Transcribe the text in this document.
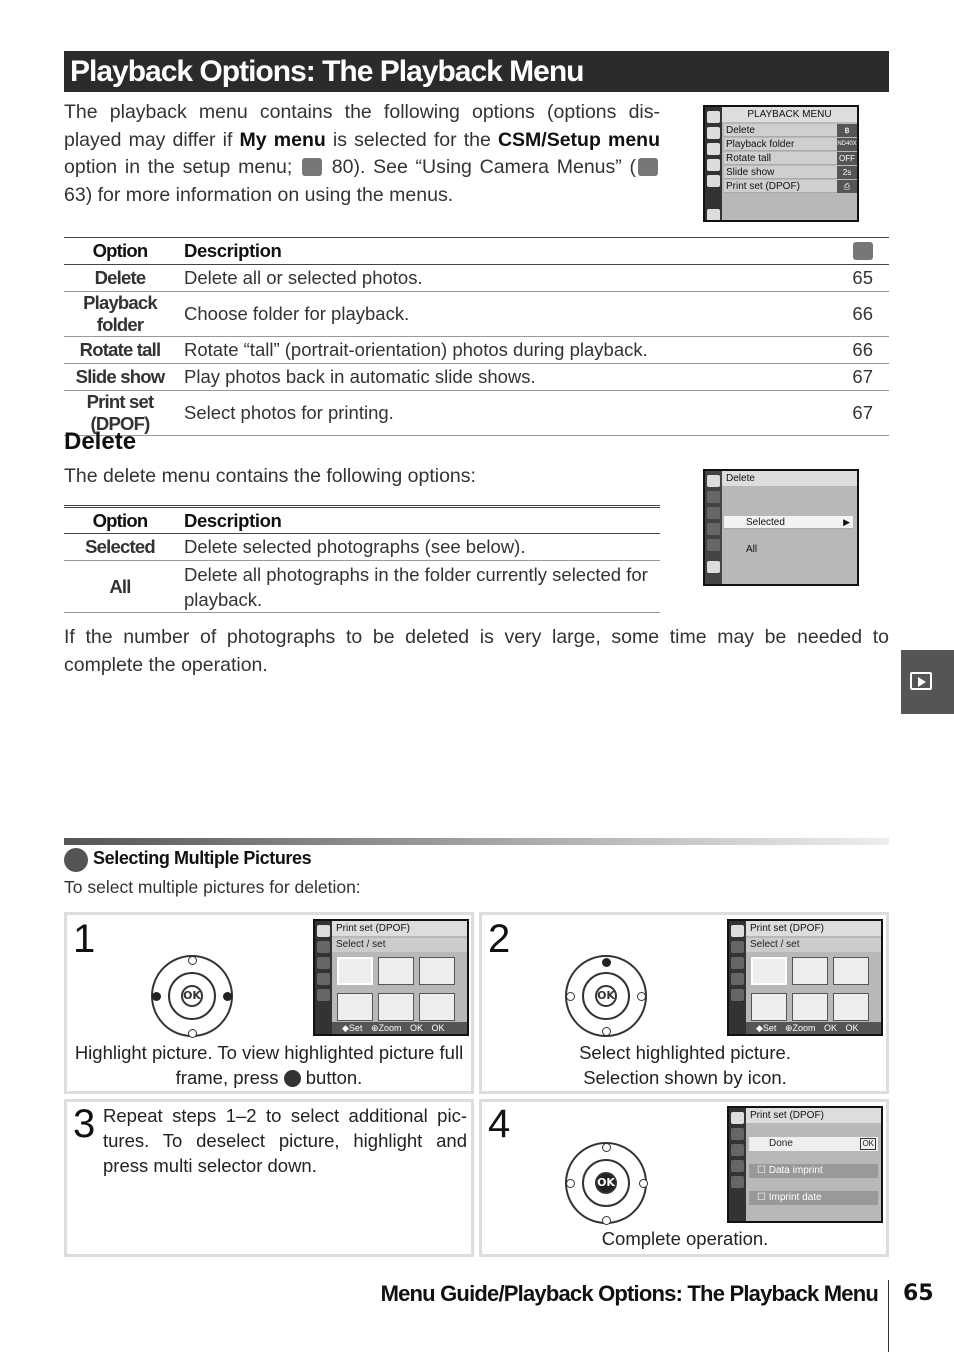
Playback Options: The Playback Menu
The playback menu contains the following options (options dis-played may differ if My menu is selected for the CSM/Setup menu option in the setup menu;  80). See “Using Camera Menus” ( 63) for more information on using the menus.
PLAYBACK MENU
Delete
Playback folder
Rotate tall
Slide show
Print set (DPOF)
฿
ND40X
OFF
2s
⎙
Option	Description	
Delete	Delete all or selected photos.	65
Playback folder	Choose folder for playback.	66
Rotate tall	Rotate “tall” (portrait-orientation) photos during playback.	66
Slide show	Play photos back in automatic slide shows.	67
Print set (DPOF)	Select photos for printing.	67
Delete
The delete menu contains the following options:
Option	Description
Selected	Delete selected photographs (see below).
All	Delete all photographs in the folder currently selected for playback.
Delete
Selected	▶
All
If the number of photographs to be deleted is very large, some time may be needed to complete the operation.
Selecting Multiple Pictures
To select multiple pictures for deletion:
1
OK
Print set (DPOF)
Select / set
◆Set ⊕Zoom OK OK
Highlight picture. To view highlighted picture full frame, press  button.
2
OK
Print set (DPOF)
Select / set
◆Set ⊕Zoom OK OK
Select highlighted picture. Selection shown by icon.
3 Repeat steps 1–2 to select additional pic-tures. To deselect picture, highlight and press multi selector down.
4
OK
Print set (DPOF)
Done	OK
☐ Data imprint
☐ Imprint date
Complete operation.
Menu Guide/Playback Options: The Playback Menu 65
